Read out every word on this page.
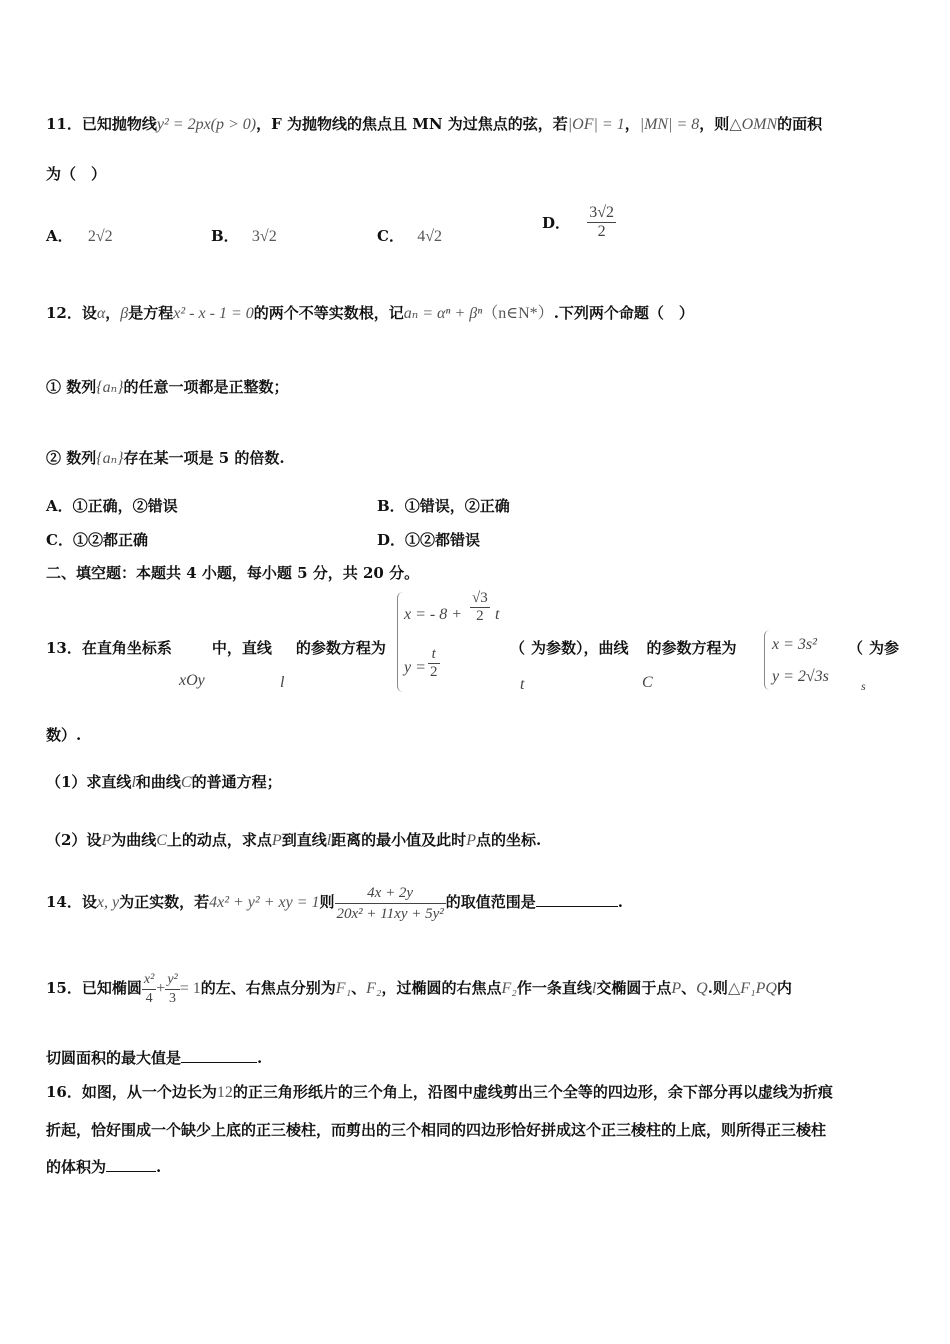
11．已知抛物线y² = 2px(p > 0)，F 为抛物线的焦点且 MN 为过焦点的弦，若|OF| = 1，|MN| = 8，则△OMN的面积
为（　）
A． 2√2	B． 3√2	C． 4√2
D． $\frac{3√2}{2}$
12．设α，β是方程x² - x - 1 = 0的两个不等实数根，记aₙ = αⁿ + βⁿ（n∈N*）.下列两个命题（　）
① 数列{aₙ}的任意一项都是正整数；
② 数列{aₙ}存在某一项是 5 的倍数.
A．①正确，②错误	B．①错误，②正确
C．①②都正确	D．①②都错误
二、填空题：本题共 4 小题，每小题 5 分，共 20 分。
13．在直角坐标系	中，直线 的参数方程为
xOy	l
x = - $8 + \frac{√3}{2}$ t
$y = \frac{t}{2}$	（ 为参数），曲线 的参数方程为
t	C
x = 3s²
y = 2√3s
（ 为参
s
数）.
（1）求直线l和曲线C的普通方程；
（2）设P为曲线C上的动点，求点P到直线l距离的最小值及此时P点的坐标.
14．设x, y为正实数，若4x² + y² + xy = 1则 $\frac{4x + 2y}{\text{20x² + 11xy + 5y²}}$ 的取值范围是	.
15．已知椭圆 $\frac{\text{x²}}{4} + \frac{\text{y²}}{3} = 1$的左、右焦点分别为F₁、F₂，过椭圆的右焦点F₂作一条直线l交椭圆于点P、Q.则△F₁PQ内
切圆面积的最大值是	.
16．如图，从一个边长为12的正三角形纸片的三个角上，沿图中虚线剪出三个全等的四边形，余下部分再以虚线为折痕
折起，恰好围成一个缺少上底的正三棱柱，而剪出的三个相同的四边形恰好拼成这个正三棱柱的上底，则所得正三棱柱
的体积为	.
